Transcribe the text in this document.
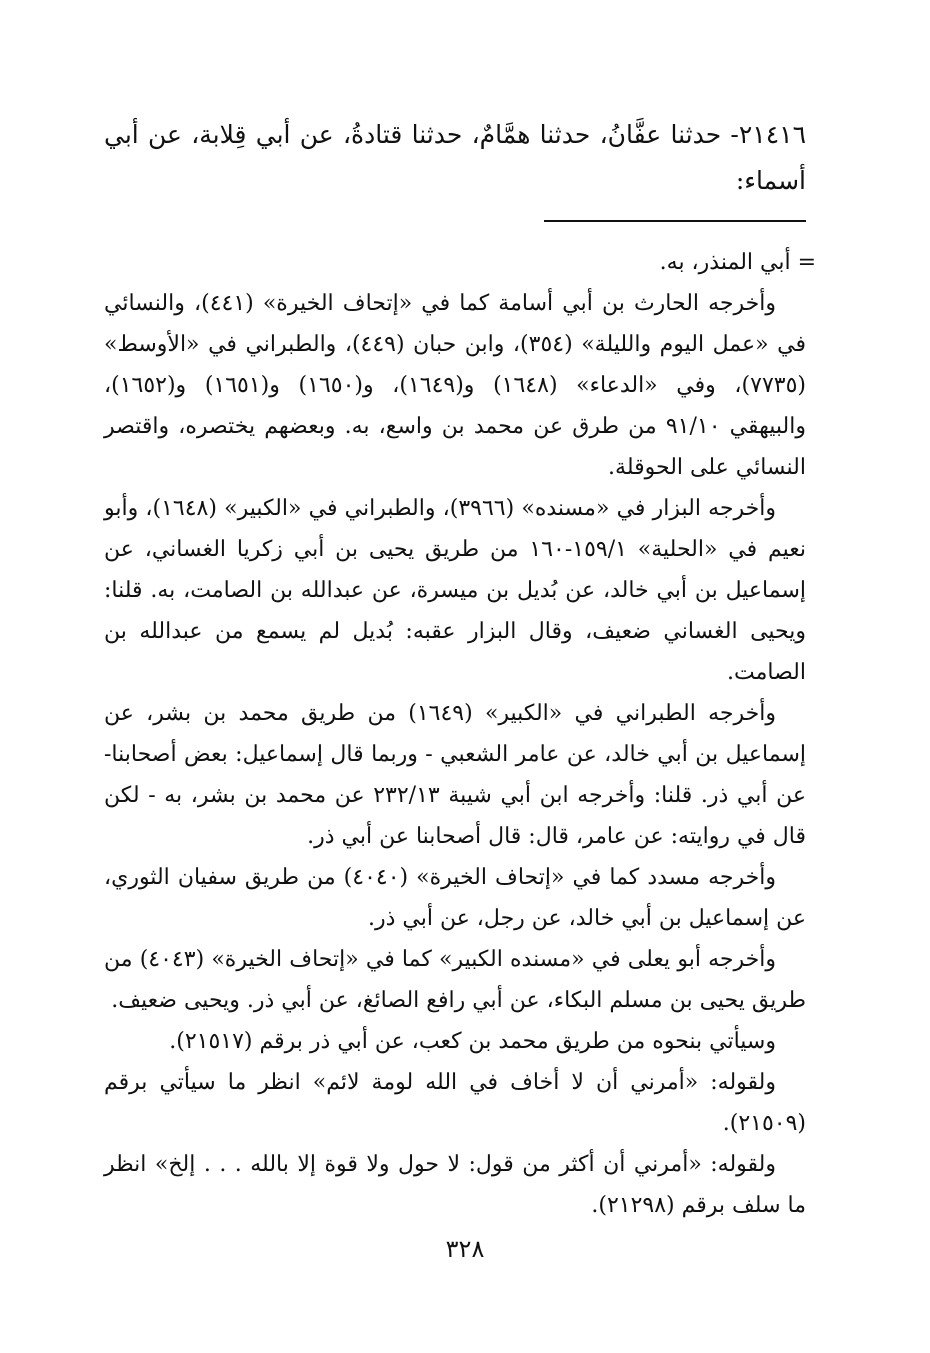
٢١٤١٦- حدثنا عفَّانُ، حدثنا همَّامٌ، حدثنا قتادةُ، عن أبي قِلابة، عن أبي أسماء:

= أبي المنذر، به.

وأخرجه الحارث بن أبي أسامة كما في «إتحاف الخيرة» (٤٤١)، والنسائي في «عمل اليوم والليلة» (٣٥٤)، وابن حبان (٤٤٩)، والطبراني في «الأوسط» (٧٧٣٥)، وفي «الدعاء» (١٦٤٨) و(١٦٤٩)، و(١٦٥٠) و(١٦٥١) و(١٦٥٢)، والبيهقي ٩١/١٠ من طرق عن محمد بن واسع، به. وبعضهم يختصره، واقتصر النسائي على الحوقلة.

وأخرجه البزار في «مسنده» (٣٩٦٦)، والطبراني في «الكبير» (١٦٤٨)، وأبو نعيم في «الحلية» ١٥٩/١-١٦٠ من طريق يحيى بن أبي زكريا الغساني، عن إسماعيل بن أبي خالد، عن بُديل بن ميسرة، عن عبدالله بن الصامت، به. قلنا: ويحيى الغساني ضعيف، وقال البزار عقبه: بُديل لم يسمع من عبدالله بن الصامت.

وأخرجه الطبراني في «الكبير» (١٦٤٩) من طريق محمد بن بشر، عن إسماعيل بن أبي خالد، عن عامر الشعبي - وربما قال إسماعيل: بعض أصحابنا- عن أبي ذر. قلنا: وأخرجه ابن أبي شيبة ٢٣٢/١٣ عن محمد بن بشر، به - لكن قال في روايته: عن عامر، قال: قال أصحابنا عن أبي ذر.

وأخرجه مسدد كما في «إتحاف الخيرة» (٤٠٤٠) من طريق سفيان الثوري، عن إسماعيل بن أبي خالد، عن رجل، عن أبي ذر.

وأخرجه أبو يعلى في «مسنده الكبير» كما في «إتحاف الخيرة» (٤٠٤٣) من طريق يحيى بن مسلم البكاء، عن أبي رافع الصائغ، عن أبي ذر. ويحيى ضعيف.

وسيأتي بنحوه من طريق محمد بن كعب، عن أبي ذر برقم (٢١٥١٧).

ولقوله: «أمرني أن لا أخاف في الله لومة لائم» انظر ما سيأتي برقم (٢١٥٠٩).

ولقوله: «أمرني أن أكثر من قول: لا حول ولا قوة إلا بالله . . . إلخ» انظر ما سلف برقم (٢١٢٩٨).

٣٢٨
